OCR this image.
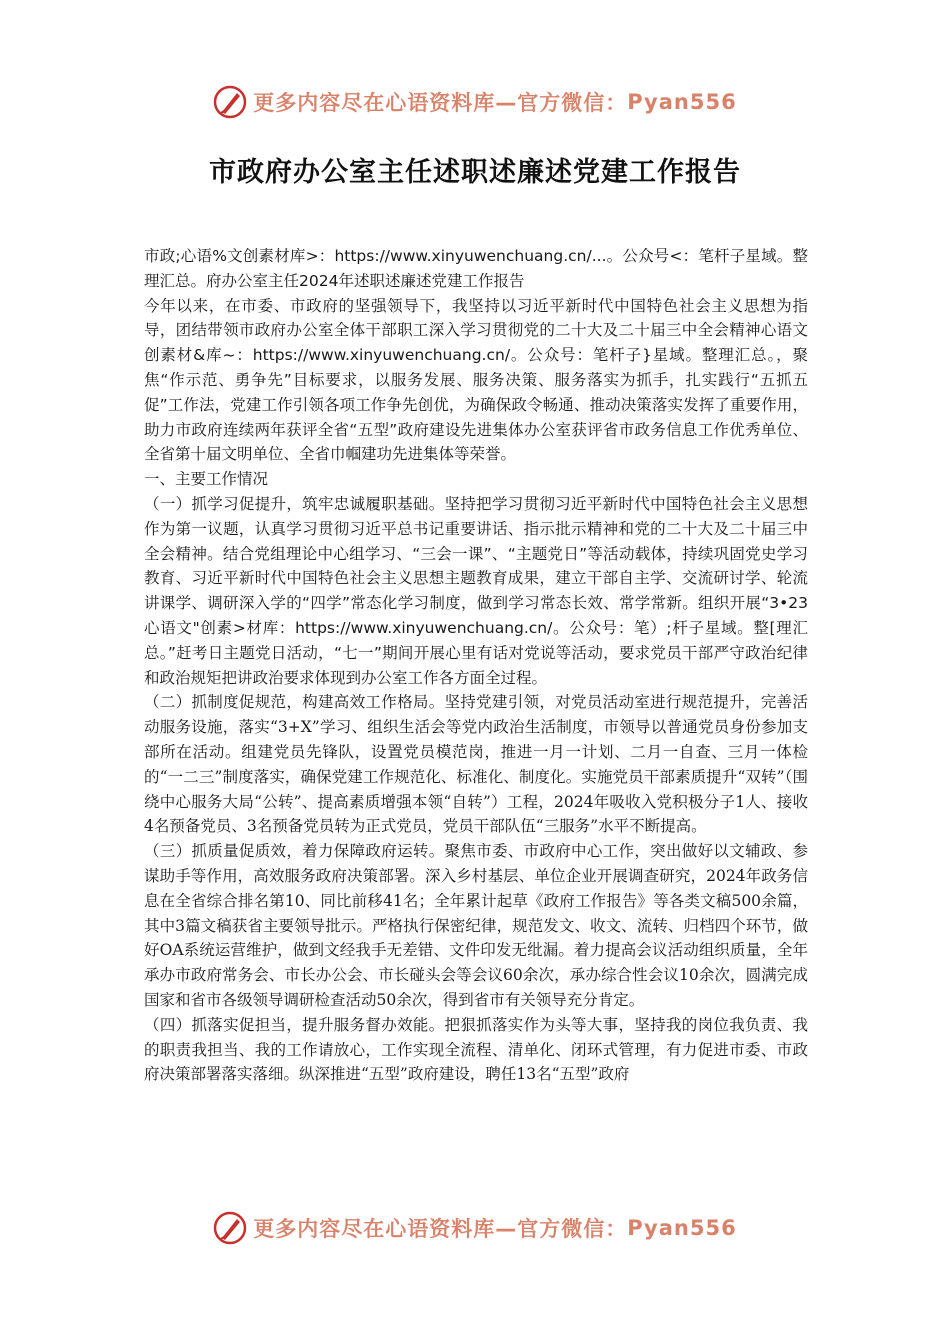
更多内容尽在心语资料库—官方微信： Pyan556
市政府办公室主任述职述廉述党建工作报告

市政;心语%文创素材库>：https://www.xinyuwenchuang.cn/...。公众号<：笔杆子星域。整理汇总。府办公室主任2024年述职述廉述党建工作报告

今年以来，在市委、市政府的坚强领导下，我坚持以习近平新时代中国特色社会主义思想为指导，团结带领市政府办公室全体干部职工深入学习贯彻党的二十大及二十届三中全会精神心语文创素材&库~：https://www.xinyuwenchuang.cn/。公众号：笔杆子}星域。整理汇总。，聚焦“作示范、勇争先”目标要求，以服务发展、服务决策、服务落实为抓手，扎实践行“五抓五促”工作法，党建工作引领各项工作争先创优，为确保政令畅通、推动决策落实发挥了重要作用，助力市政府连续两年获评全省“五型”政府建设先进集体办公室获评省市政务信息工作优秀单位、全省第十届文明单位、全省巾帼建功先进集体等荣誉。

一、主要工作情况

（一）抓学习促提升，筑牢忠诚履职基础。坚持把学习贯彻习近平新时代中国特色社会主义思想作为第一议题，认真学习贯彻习近平总书记重要讲话、指示批示精神和党的二十大及二十届三中全会精神。结合党组理论中心组学习、“三会一课”、“主题党日”等活动载体，持续巩固党史学习教育、习近平新时代中国特色社会主义思想主题教育成果，建立干部自主学、交流研讨学、轮流讲课学、调研深入学的“四学”常态化学习制度，做到学习常态长效、常学常新。组织开展“3•23心语文"创素>材库：https://www.xinyuwenchuang.cn/。公众号：笔）;杆子星域。整[理汇总。”赶考日主题党日活动，“七一”期间开展心里有话对党说等活动，要求党员干部严守政治纪律和政治规矩把讲政治要求体现到办公室工作各方面全过程。

（二）抓制度促规范，构建高效工作格局。坚持党建引领，对党员活动室进行规范提升，完善活动服务设施，落实“3+X”学习、组织生活会等党内政治生活制度，市领导以普通党员身份参加支部所在活动。组建党员先锋队，设置党员模范岗，推进一月一计划、二月一自查、三月一体检的“一二三”制度落实，确保党建工作规范化、标准化、制度化。实施党员干部素质提升“双转”（围绕中心服务大局“公转”、提高素质增强本领“自转”）工程，2024年吸收入党积极分子1人、接收4名预备党员、3名预备党员转为正式党员，党员干部队伍“三服务”水平不断提高。

（三）抓质量促质效，着力保障政府运转。聚焦市委、市政府中心工作，突出做好以文辅政、参谋助手等作用，高效服务政府决策部署。深入乡村基层、单位企业开展调查研究，2024年政务信息在全省综合排名第10、同比前移41名；全年累计起草《政府工作报告》等各类文稿500余篇，其中3篇文稿获省主要领导批示。严格执行保密纪律，规范发文、收文、流转、归档四个环节，做好OA系统运营维护，做到文经我手无差错、文件印发无纰漏。着力提高会议活动组织质量，全年承办市政府常务会、市长办公会、市长碰头会等会议60余次，承办综合性会议10余次，圆满完成国家和省市各级领导调研检查活动50余次，得到省市有关领导充分肯定。

（四）抓落实促担当，提升服务督办效能。把狠抓落实作为头等大事，坚持我的岗位我负责、我的职责我担当、我的工作请放心，工作实现全流程、清单化、闭环式管理，有力促进市委、市政府决策部署落实落细。纵深推进“五型”政府建设，聘任13名“五型”政府

更多内容尽在心语资料库—官方微信： Pyan556
